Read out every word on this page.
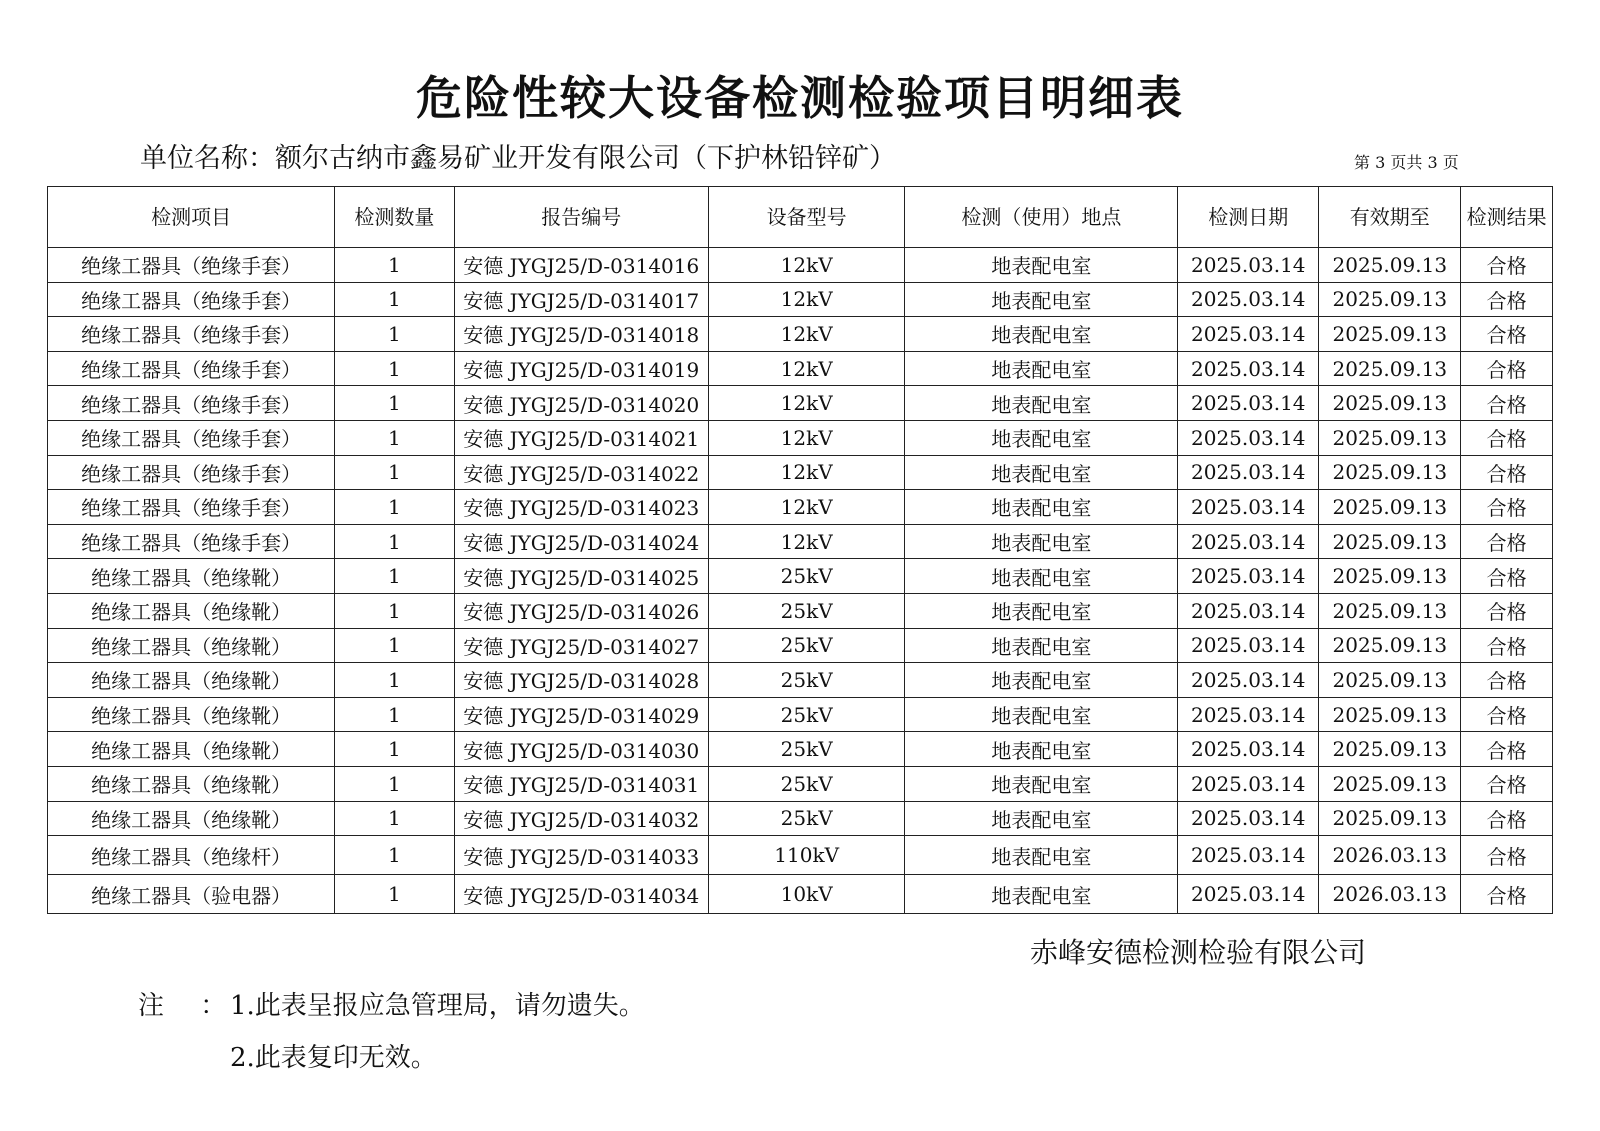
危险性较大设备检测检验项目明细表
单位名称：额尔古纳市鑫易矿业开发有限公司（下护林铅锌矿）	第 3 页共 3 页
检测项目	检测数量	报告编号	设备型号	检测（使用）地点	检测日期	有效期至	检测结果
绝缘工器具（绝缘手套）	1	安德 JYGJ25/D-0314016	12kV	地表配电室	2025.03.14	2025.09.13	合格
绝缘工器具（绝缘手套）	1	安德 JYGJ25/D-0314017	12kV	地表配电室	2025.03.14	2025.09.13	合格
绝缘工器具（绝缘手套）	1	安德 JYGJ25/D-0314018	12kV	地表配电室	2025.03.14	2025.09.13	合格
绝缘工器具（绝缘手套）	1	安德 JYGJ25/D-0314019	12kV	地表配电室	2025.03.14	2025.09.13	合格
绝缘工器具（绝缘手套）	1	安德 JYGJ25/D-0314020	12kV	地表配电室	2025.03.14	2025.09.13	合格
绝缘工器具（绝缘手套）	1	安德 JYGJ25/D-0314021	12kV	地表配电室	2025.03.14	2025.09.13	合格
绝缘工器具（绝缘手套）	1	安德 JYGJ25/D-0314022	12kV	地表配电室	2025.03.14	2025.09.13	合格
绝缘工器具（绝缘手套）	1	安德 JYGJ25/D-0314023	12kV	地表配电室	2025.03.14	2025.09.13	合格
绝缘工器具（绝缘手套）	1	安德 JYGJ25/D-0314024	12kV	地表配电室	2025.03.14	2025.09.13	合格
绝缘工器具（绝缘靴）	1	安德 JYGJ25/D-0314025	25kV	地表配电室	2025.03.14	2025.09.13	合格
绝缘工器具（绝缘靴）	1	安德 JYGJ25/D-0314026	25kV	地表配电室	2025.03.14	2025.09.13	合格
绝缘工器具（绝缘靴）	1	安德 JYGJ25/D-0314027	25kV	地表配电室	2025.03.14	2025.09.13	合格
绝缘工器具（绝缘靴）	1	安德 JYGJ25/D-0314028	25kV	地表配电室	2025.03.14	2025.09.13	合格
绝缘工器具（绝缘靴）	1	安德 JYGJ25/D-0314029	25kV	地表配电室	2025.03.14	2025.09.13	合格
绝缘工器具（绝缘靴）	1	安德 JYGJ25/D-0314030	25kV	地表配电室	2025.03.14	2025.09.13	合格
绝缘工器具（绝缘靴）	1	安德 JYGJ25/D-0314031	25kV	地表配电室	2025.03.14	2025.09.13	合格
绝缘工器具（绝缘靴）	1	安德 JYGJ25/D-0314032	25kV	地表配电室	2025.03.14	2025.09.13	合格
绝缘工器具（绝缘杆）	1	安德 JYGJ25/D-0314033	110kV	地表配电室	2025.03.14	2026.03.13	合格
绝缘工器具（验电器）	1	安德 JYGJ25/D-0314034	10kV	地表配电室	2025.03.14	2026.03.13	合格
赤峰安德检测检验有限公司
注 ：
1.此表呈报应急管理局，请勿遗失。
2.此表复印无效。
